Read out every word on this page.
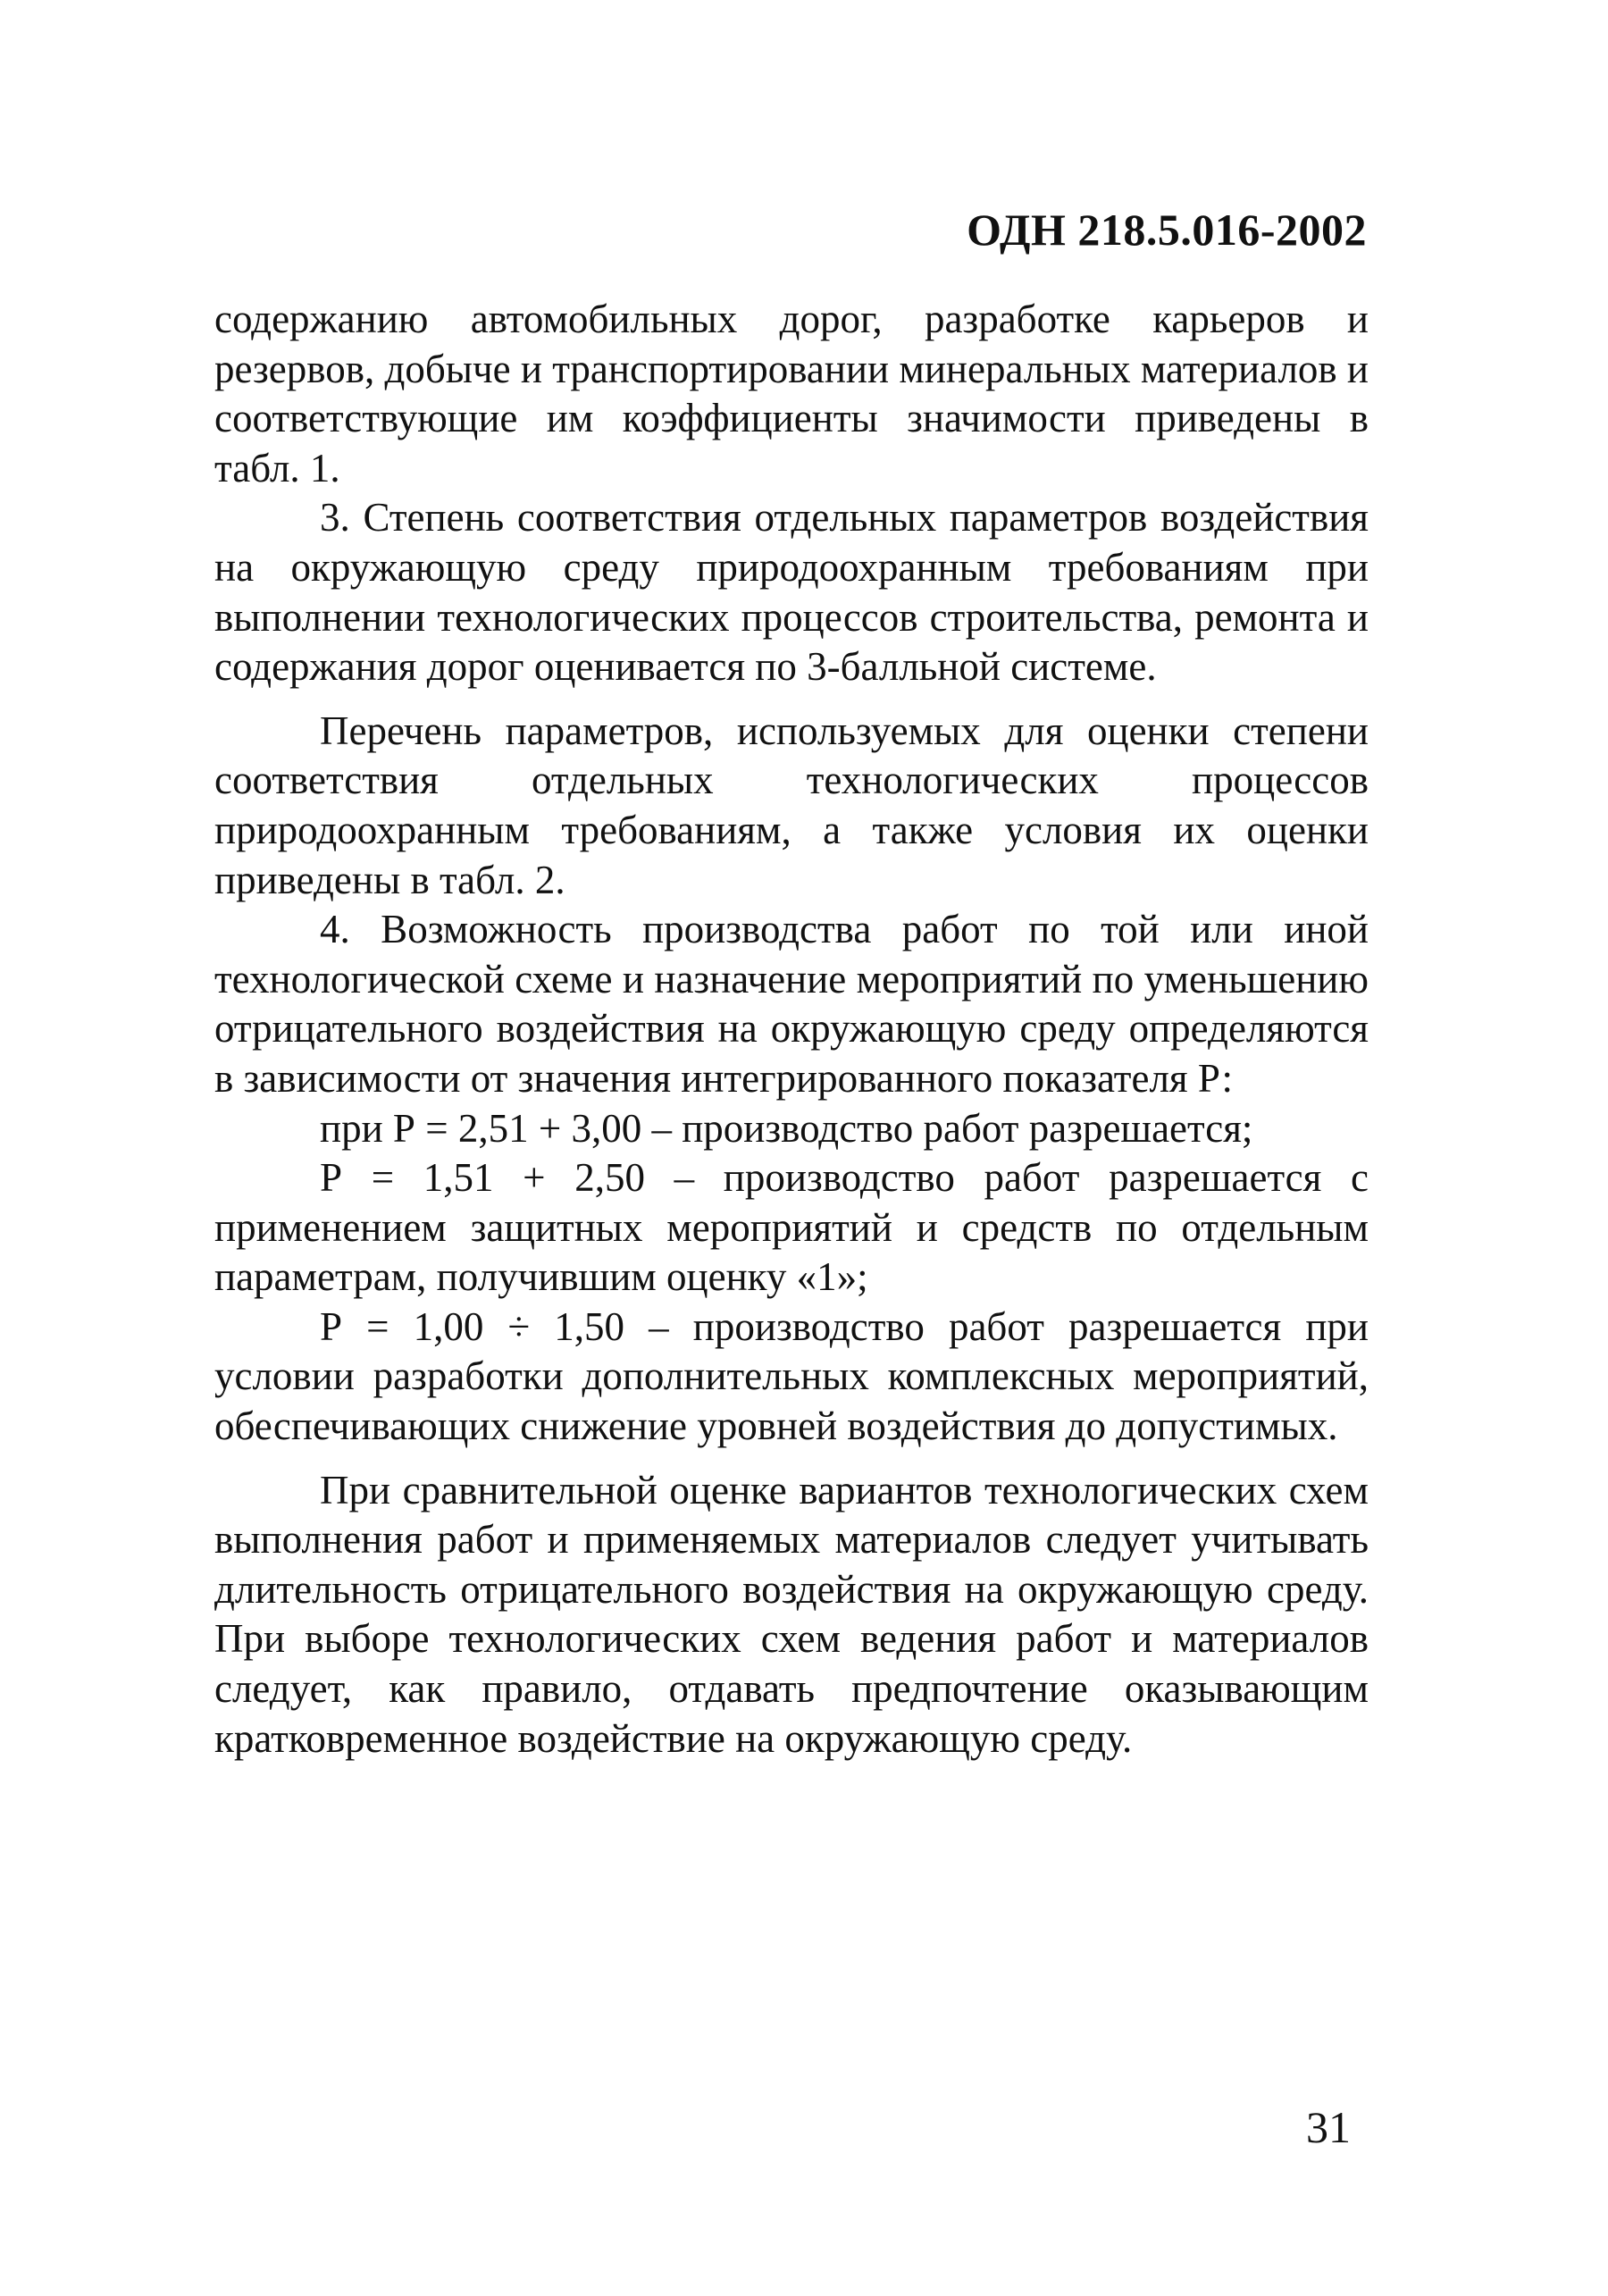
ОДН 218.5.016-2002

содержанию автомобильных дорог, разработке карьеров и резервов, добыче и транспортировании минеральных материалов и соответствующие им коэффициенты значимости приведены в табл. 1.

3. Степень соответствия отдельных параметров воздействия на окружающую среду природоохранным требованиям при выполнении технологических процессов строительства, ремонта и содержания дорог оценивается по 3-балльной системе.

Перечень параметров, используемых для оценки степени соответствия отдельных технологических процессов природоохранным требованиям, а также условия их оценки приведены в табл. 2.

4. Возможность производства работ по той или иной технологической схеме и назначение мероприятий по уменьшению отрицательного воздействия на окружающую среду определяются в зависимости от значения интегрированного показателя Р:

при Р = 2,51 + 3,00 – производство работ разрешается;

Р = 1,51 + 2,50 – производство работ разрешается с применением защитных мероприятий и средств по отдельным параметрам, получившим оценку «1»;

Р = 1,00 ÷ 1,50 – производство работ разрешается при условии разработки дополнительных комплексных мероприятий, обеспечивающих снижение уровней воздействия до допустимых.

При сравнительной оценке вариантов технологических схем выполнения работ и применяемых материалов следует учитывать длительность отрицательного воздействия на окружающую среду. При выборе технологических схем ведения работ и материалов следует, как правило, отдавать предпочтение оказывающим кратковременное воздействие на окружающую среду.

31
